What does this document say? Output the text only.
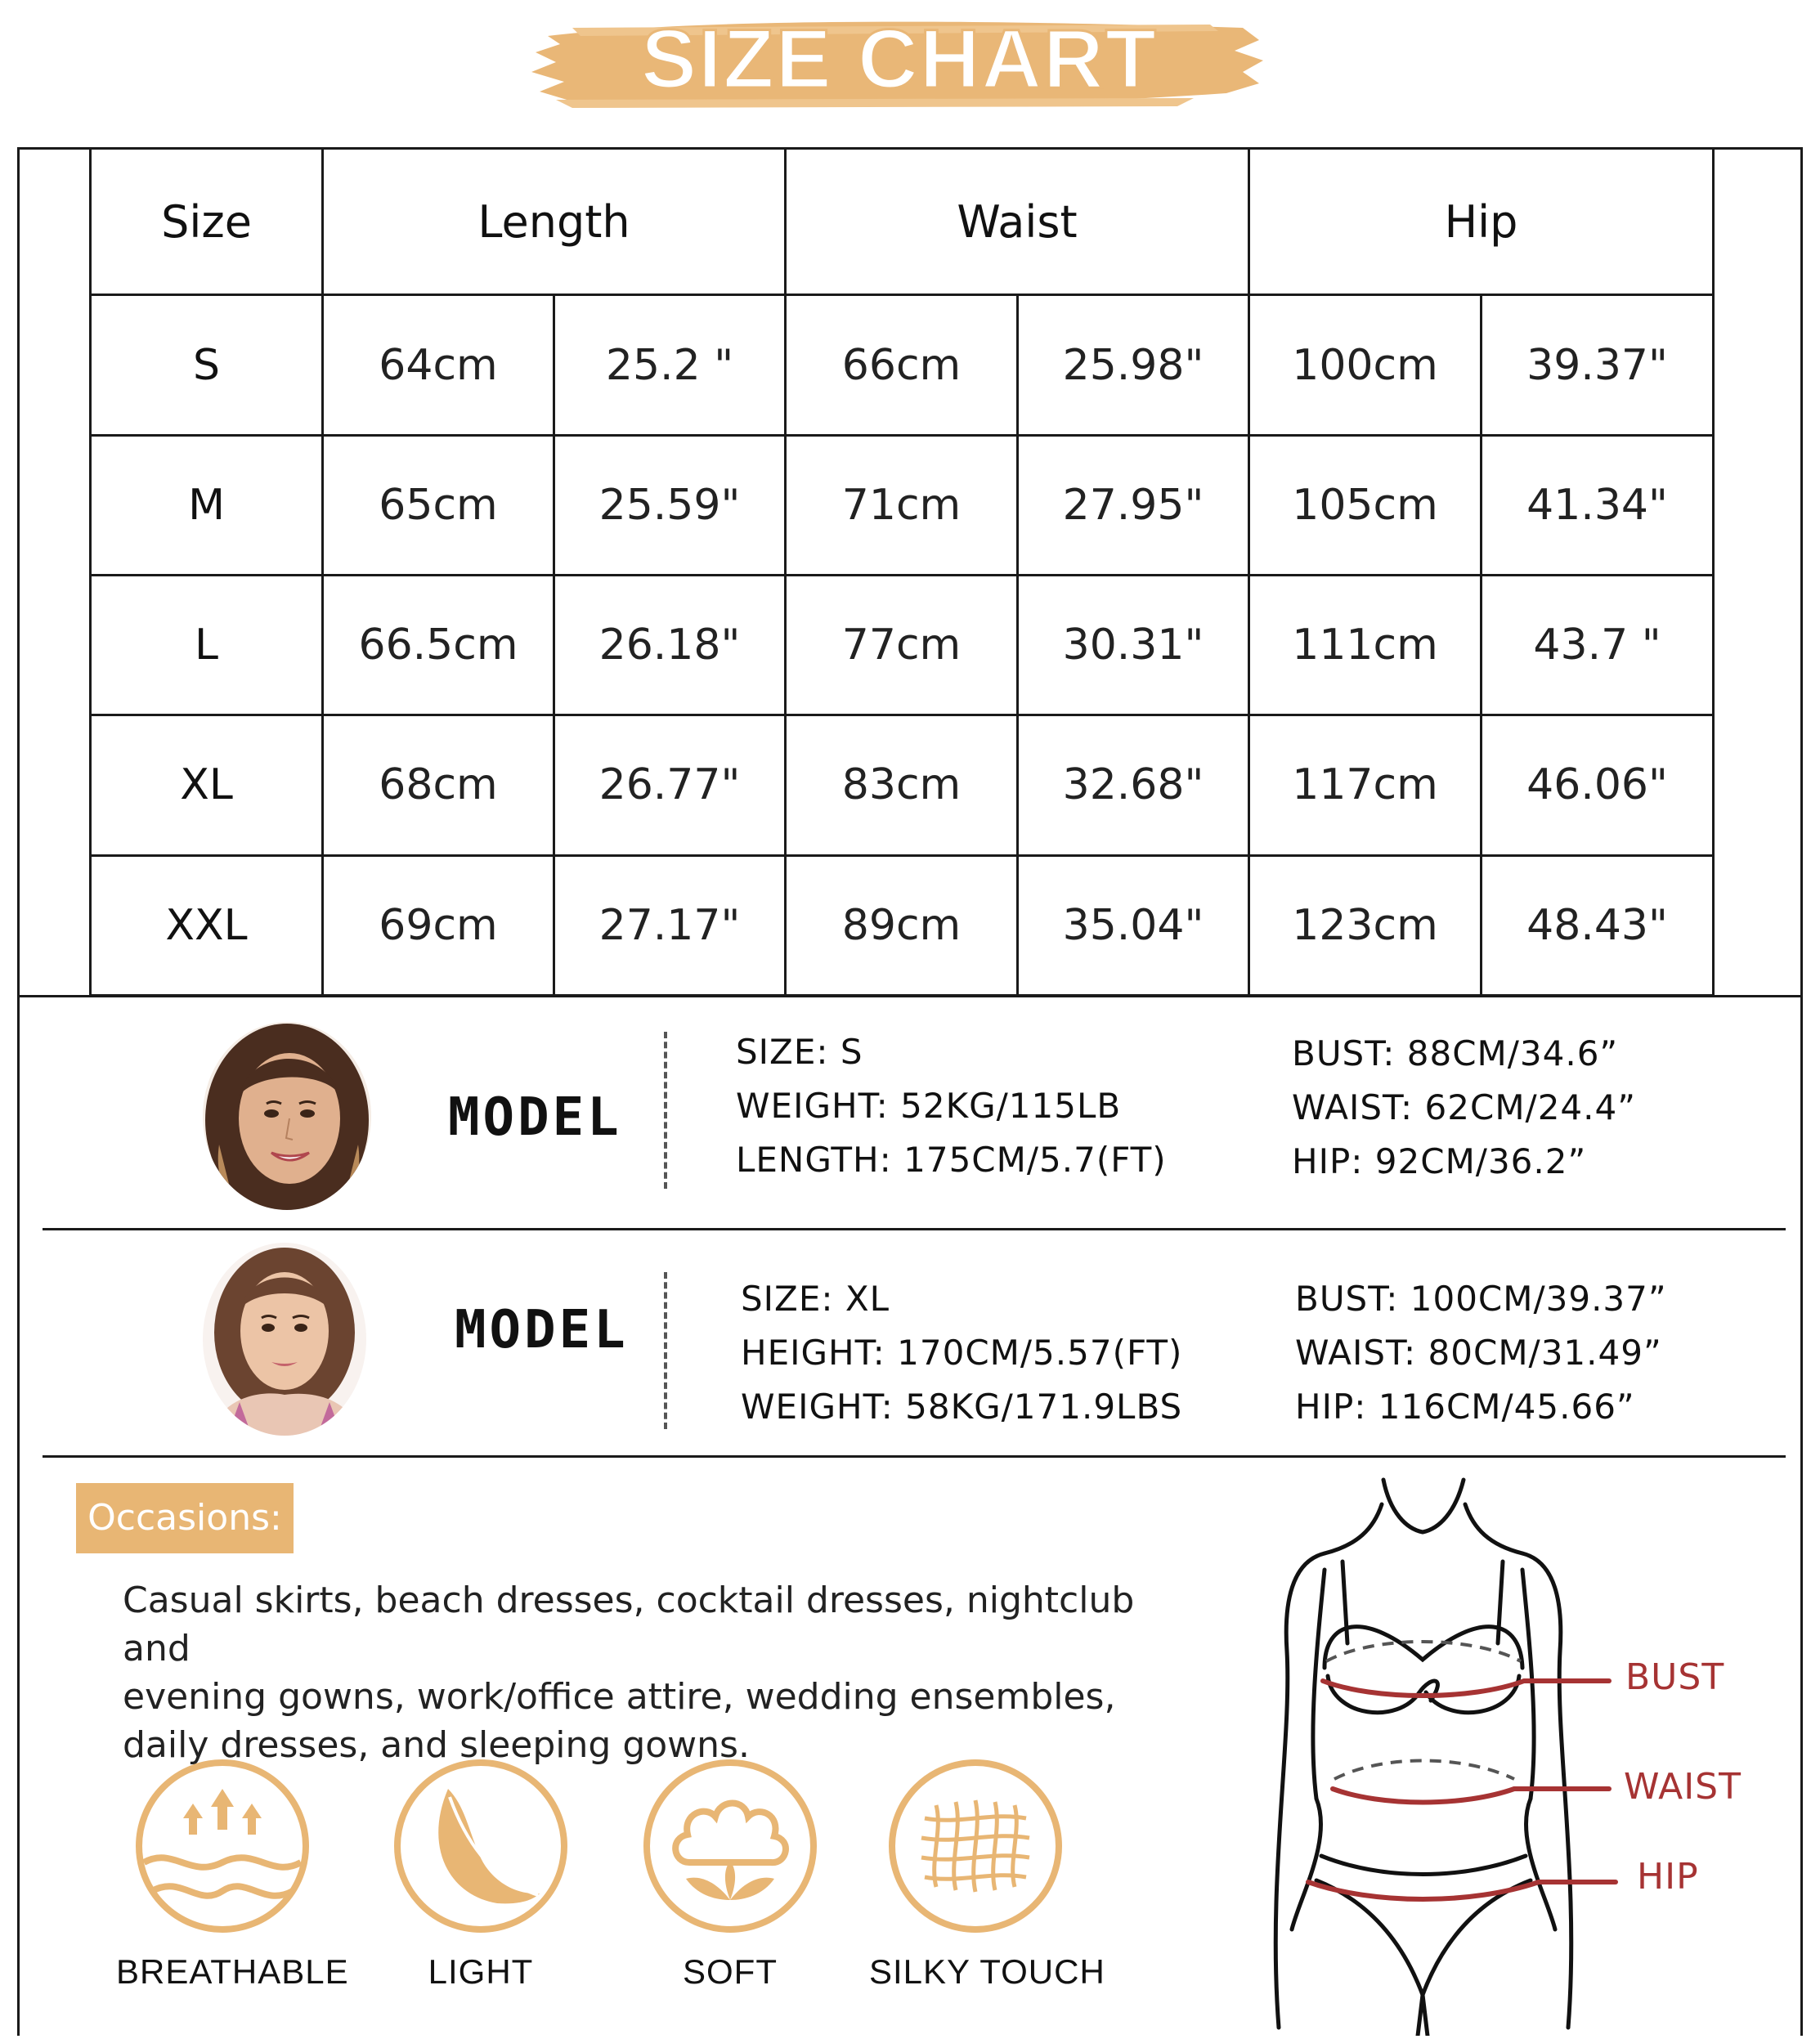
SIZE CHART
Size	Length		Waist		Hip	
S	64cm	25.2 "	66cm	25.98"	100cm	39.37"
M	65cm	25.59"	71cm	27.95"	105cm	41.34"
L	66.5cm	26.18"	77cm	30.31"	111cm	43.7 "
XL	68cm	26.77"	83cm	32.68"	117cm	46.06"
XXL	69cm	27.17"	89cm	35.04"	123cm	48.43"
MODEL
SIZE: S
WEIGHT: 52KG/115LB
LENGTH: 175CM/5.7(FT)
BUST: 88CM/34.6”
WAIST: 62CM/24.4”
HIP: 92CM/36.2”
MODEL
SIZE: XL
HEIGHT: 170CM/5.57(FT)
WEIGHT: 58KG/171.9LBS
BUST: 100CM/39.37”
WAIST: 80CM/31.49”
HIP: 116CM/45.66”
Occasions:
Casual skirts, beach dresses, cocktail dresses, nightclub and
evening gowns, work/office attire, wedding ensembles,
daily dresses, and sleeping gowns.
BREATHABLE	LIGHT	SOFT	SILKY TOUCH
BUST
WAIST
HIP
